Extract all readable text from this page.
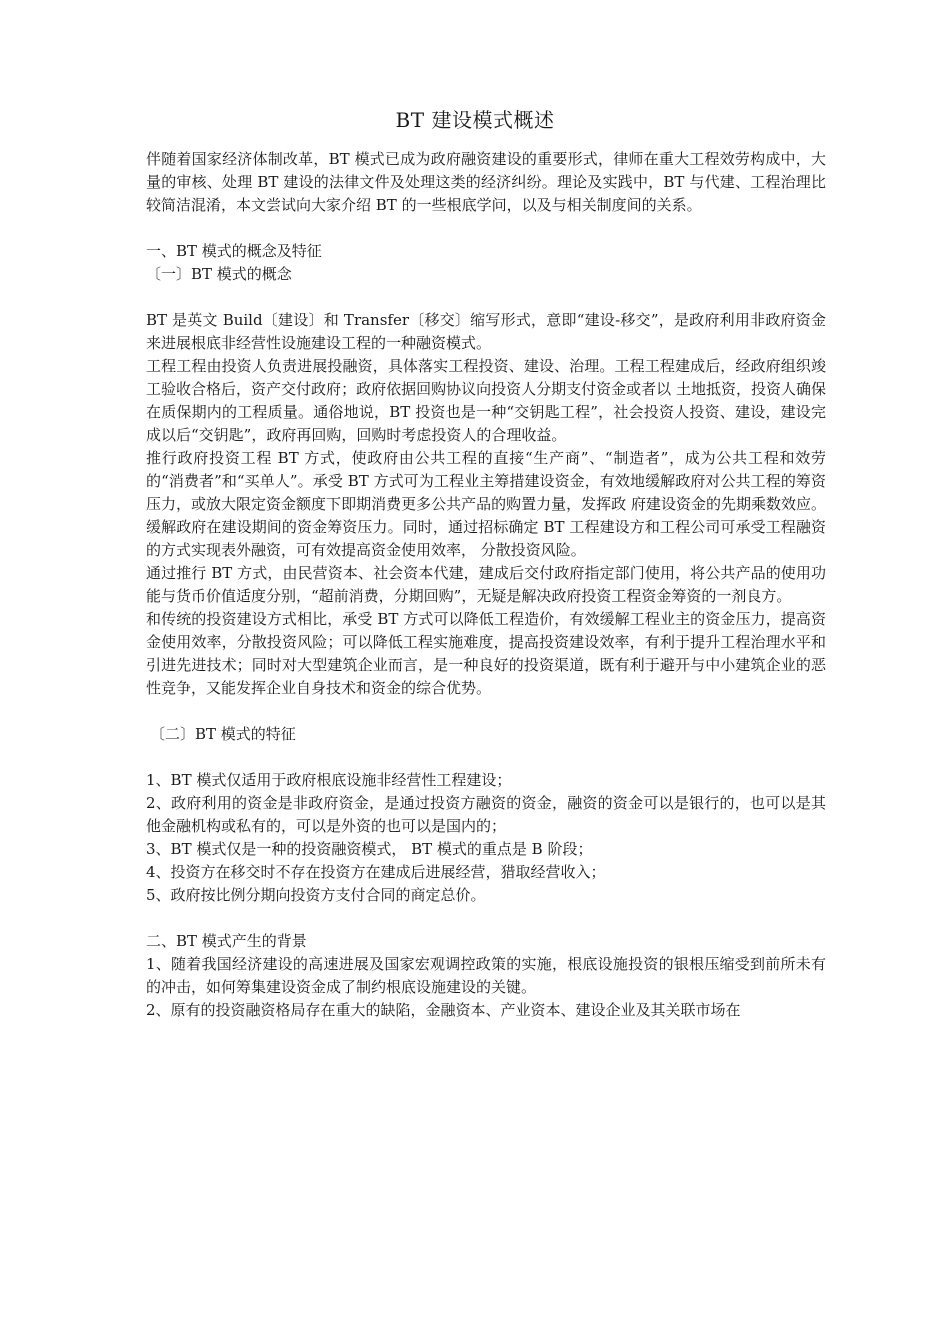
BT 建设模式概述

伴随着国家经济体制改革，BT 模式已成为政府融资建设的重要形式，律师在重大工程效劳构成中，大量的审核、处理 BT 建设的法律文件及处理这类的经济纠纷。理论及实践中，BT 与代建、工程治理比较简洁混淆，本文尝试向大家介绍 BT 的一些根底学问，以及与相关制度间的关系。

一、BT 模式的概念及特征

〔一〕BT 模式的概念

BT 是英文 Build〔建设〕和 Transfer〔移交〕缩写形式，意即“建设-移交”，是政府利用非政府资金来进展根底非经营性设施建设工程的一种融资模式。

工程工程由投资人负责进展投融资，具体落实工程投资、建设、治理。工程工程建成后，经政府组织竣工验收合格后，资产交付政府；政府依据回购协议向投资人分期支付资金或者以 土地抵资，投资人确保在质保期内的工程质量。通俗地说，BT 投资也是一种“交钥匙工程”，社会投资人投资、建设，建设完成以后“交钥匙”，政府再回购，回购时考虑投资人的合理收益。

推行政府投资工程 BT 方式，使政府由公共工程的直接“生产商”、“制造者”，成为公共工程和效劳的“消费者”和“买单人”。承受 BT 方式可为工程业主筹措建设资金，有效地缓解政府对公共工程的筹资压力，或放大限定资金额度下即期消费更多公共产品的购置力量，发挥政 府建设资金的先期乘数效应。缓解政府在建设期间的资金筹资压力。同时，通过招标确定 BT 工程建设方和工程公司可承受工程融资的方式实现表外融资，可有效提高资金使用效率， 分散投资风险。

通过推行 BT 方式，由民营资本、社会资本代建，建成后交付政府指定部门使用，将公共产品的使用功能与货币价值适度分别，“超前消费，分期回购”，无疑是解决政府投资工程资金筹资的一剂良方。

和传统的投资建设方式相比，承受 BT 方式可以降低工程造价，有效缓解工程业主的资金压力，提高资金使用效率，分散投资风险；可以降低工程实施难度，提高投资建设效率，有利于提升工程治理水平和引进先进技术；同时对大型建筑企业而言，是一种良好的投资渠道，既有利于避开与中小建筑企业的恶性竞争，又能发挥企业自身技术和资金的综合优势。

〔二〕BT 模式的特征

1、BT 模式仅适用于政府根底设施非经营性工程建设；

2、政府利用的资金是非政府资金，是通过投资方融资的资金，融资的资金可以是银行的，也可以是其他金融机构或私有的，可以是外资的也可以是国内的；

3、BT 模式仅是一种的投资融资模式， BT 模式的重点是 B 阶段；

4、投资方在移交时不存在投资方在建成后进展经营，猎取经营收入；

5、政府按比例分期向投资方支付合同的商定总价。

二、BT 模式产生的背景

1、随着我国经济建设的高速进展及国家宏观调控政策的实施，根底设施投资的银根压缩受到前所未有的冲击，如何筹集建设资金成了制约根底设施建设的关键。

2、原有的投资融资格局存在重大的缺陷，金融资本、产业资本、建设企业及其关联市场在
